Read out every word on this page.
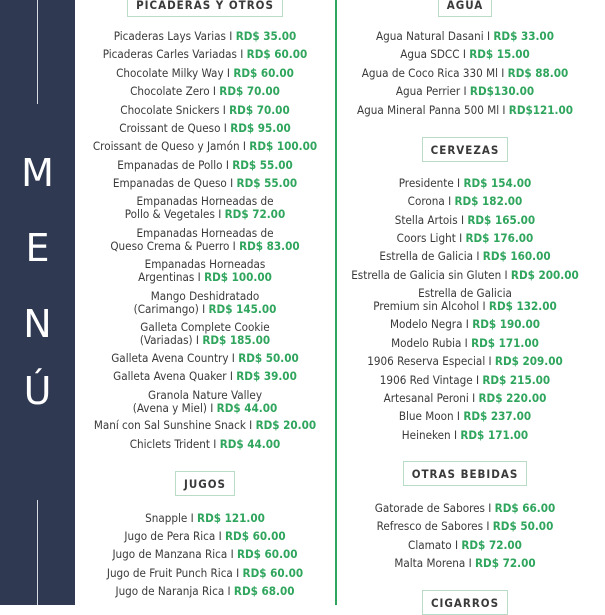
M
E
N
Ú
PICADERAS Y OTROS
Picaderas Lays Varias I RD$ 35.00
Picaderas Carles Variadas I RD$ 60.00
Chocolate Milky Way I RD$ 60.00
Chocolate Zero I RD$ 70.00
Chocolate Snickers I RD$ 70.00
Croissant de Queso I RD$ 95.00
Croissant de Queso y Jamón I RD$ 100.00
Empanadas de Pollo I RD$ 55.00
Empanadas de Queso I RD$ 55.00
Empanadas Horneadas de
Pollo & Vegetales I RD$ 72.00
Empanadas Horneadas de
Queso Crema & Puerro I RD$ 83.00
Empanadas Horneadas
Argentinas I RD$ 100.00
Mango Deshidratado
(Carimango) I RD$ 145.00
Galleta Complete Cookie
(Variadas) I RD$ 185.00
Galleta Avena Country I RD$ 50.00
Galleta Avena Quaker I RD$ 39.00
Granola Nature Valley
(Avena y Miel) I RD$ 44.00
Maní con Sal Sunshine Snack I RD$ 20.00
Chiclets Trident I RD$ 44.00
JUGOS
Snapple I RD$ 121.00
Jugo de Pera Rica I RD$ 60.00
Jugo de Manzana Rica I RD$ 60.00
Jugo de Fruit Punch Rica I RD$ 60.00
Jugo de Naranja Rica I RD$ 68.00
AGUA
Agua Natural Dasani I RD$ 33.00
Agua SDCC I RD$ 15.00
Agua de Coco Rica 330 Ml I RD$ 88.00
Agua Perrier I RD$130.00
Agua Mineral Panna 500 Ml I RD$121.00
CERVEZAS
Presidente I RD$ 154.00
Corona I RD$ 182.00
Stella Artois I RD$ 165.00
Coors Light I RD$ 176.00
Estrella de Galicia I RD$ 160.00
Estrella de Galicia sin Gluten I RD$ 200.00
Estrella de Galicia
Premium sin Alcohol I RD$ 132.00
Modelo Negra I RD$ 190.00
Modelo Rubia I RD$ 171.00
1906 Reserva Especial I RD$ 209.00
1906 Red Vintage I RD$ 215.00
Artesanal Peroni I RD$ 220.00
Blue Moon I RD$ 237.00
Heineken I RD$ 171.00
OTRAS BEBIDAS
Gatorade de Sabores I RD$ 66.00
Refresco de Sabores I RD$ 50.00
Clamato I RD$ 72.00
Malta Morena I RD$ 72.00
CIGARROS
